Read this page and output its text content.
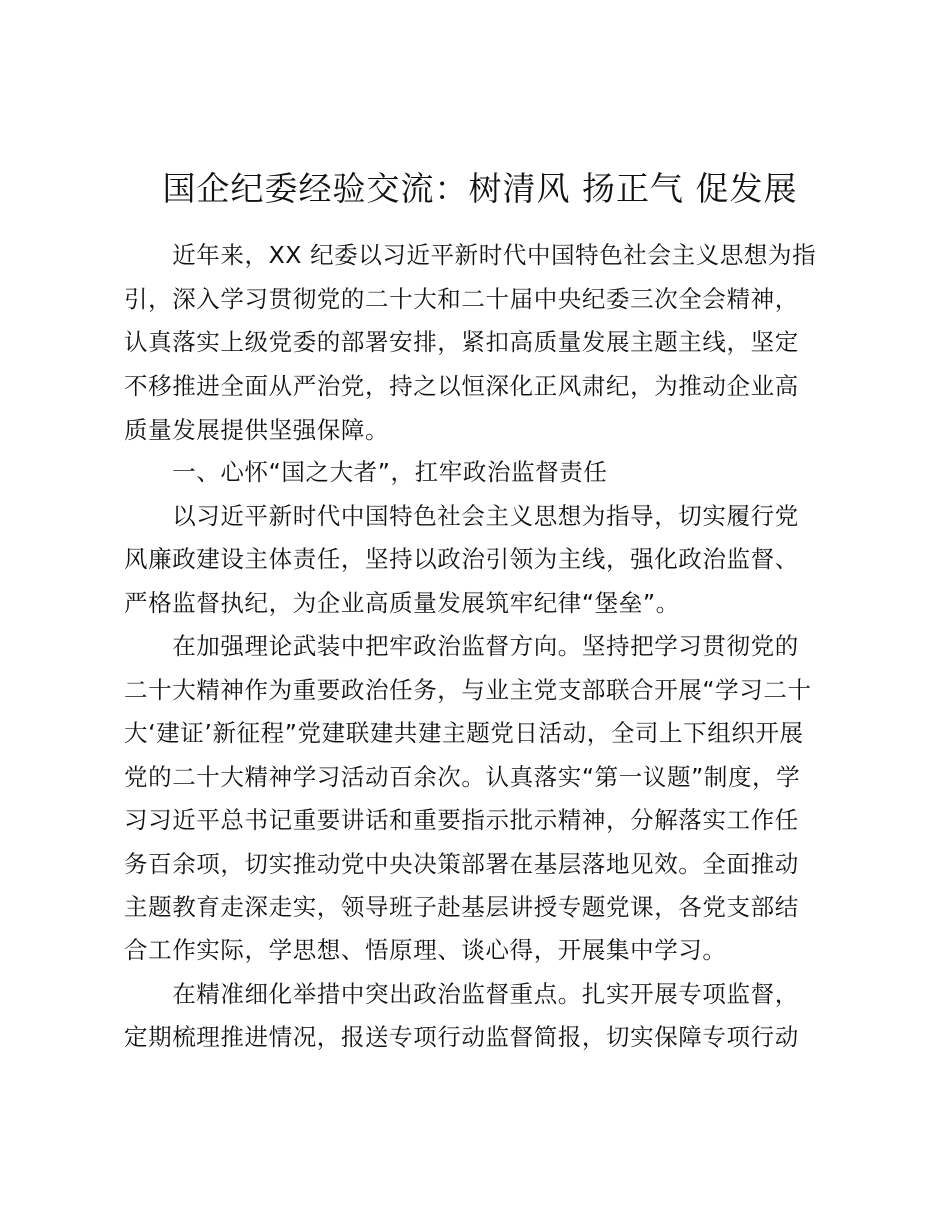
国企纪委经验交流：树清风 扬正气 促发展
　　近年来，XX 纪委以习近平新时代中国特色社会主义思想为指
引，深入学习贯彻党的二十大和二十届中央纪委三次全会精神，
认真落实上级党委的部署安排，紧扣高质量发展主题主线，坚定
不移推进全面从严治党，持之以恒深化正风肃纪，为推动企业高
质量发展提供坚强保障。
　　一、心怀“国之大者”，扛牢政治监督责任
　　以习近平新时代中国特色社会主义思想为指导，切实履行党
风廉政建设主体责任，坚持以政治引领为主线，强化政治监督、
严格监督执纪，为企业高质量发展筑牢纪律“堡垒”。
　　在加强理论武装中把牢政治监督方向。坚持把学习贯彻党的
二十大精神作为重要政治任务，与业主党支部联合开展“学习二十
大‘建证’新征程”党建联建共建主题党日活动，全司上下组织开展
党的二十大精神学习活动百余次。认真落实“第一议题”制度，学
习习近平总书记重要讲话和重要指示批示精神，分解落实工作任
务百余项，切实推动党中央决策部署在基层落地见效。全面推动
主题教育走深走实，领导班子赴基层讲授专题党课，各党支部结
合工作实际，学思想、悟原理、谈心得，开展集中学习。
　　在精准细化举措中突出政治监督重点。扎实开展专项监督，
定期梳理推进情况，报送专项行动监督简报，切实保障专项行动
